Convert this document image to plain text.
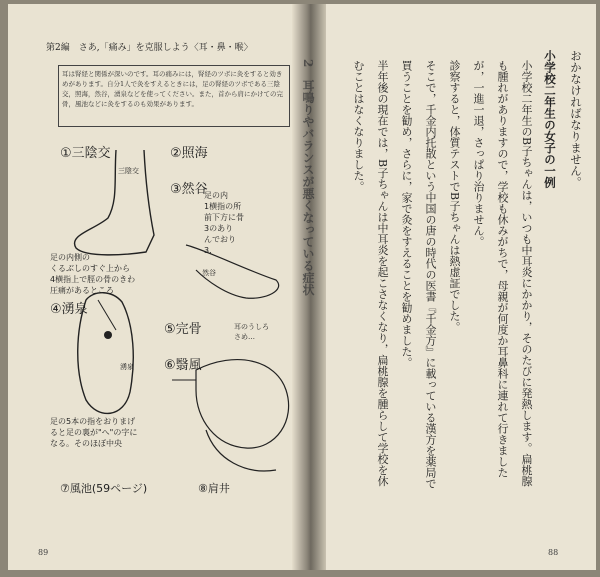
2　耳鳴りやバランスが悪くなっている症状
第2編　さあ,「痛み」を克服しよう〈耳・鼻・喉〉
耳は腎経と関係が深いのです。耳の痛みには，腎経のツボに灸をすると効きめがあります。自分1人で灸をすえるときには，足の腎経のツボである三陰交，照海，然谷，湧泉などを使ってください。また，首から肩にかけての完骨，風池などに灸をするのも効果があります。
①三陰交	②照海
③然谷
足の内
1横指の所
前下方に骨
3のあり
んでおり
3.
三陰交
足の内側の
くるぶしのすぐ上から
4横指上で脛の骨のきわ
圧痛があるところ
然谷
④湧泉
⑤完骨	耳のうしろ
さめ…
湧泉 ⑥翳風
足の5本の指をおりまげ
ると足の裏が"へ"の字に
なる。そのほぼ中央
⑦風池(59ページ)	⑧肩井
89
おかなければなりません。
小学校二年生の女子の一例
小学校二年生のB子ちゃんは，いつも中耳炎にかかり，そのたびに発熱します。扁桃腺
も腫れがありますので，学校も休みがちで，母親が何度か耳鼻科に連れて行きました
が，一進一退，さっぱり治りません。
診察すると，体質テストでB子ちゃんは熱虚証でした。
そこで，千金内托散という中国の唐の時代の医書『千金方』に載っている漢方を薬局で
買うことを勧め，さらに，家で灸をすえることを勧めました。
半年後の現在では，B子ちゃんは中耳炎を起こさなくなり，扁桃腺を腫らして学校を休
むことはなくなりました。
88
